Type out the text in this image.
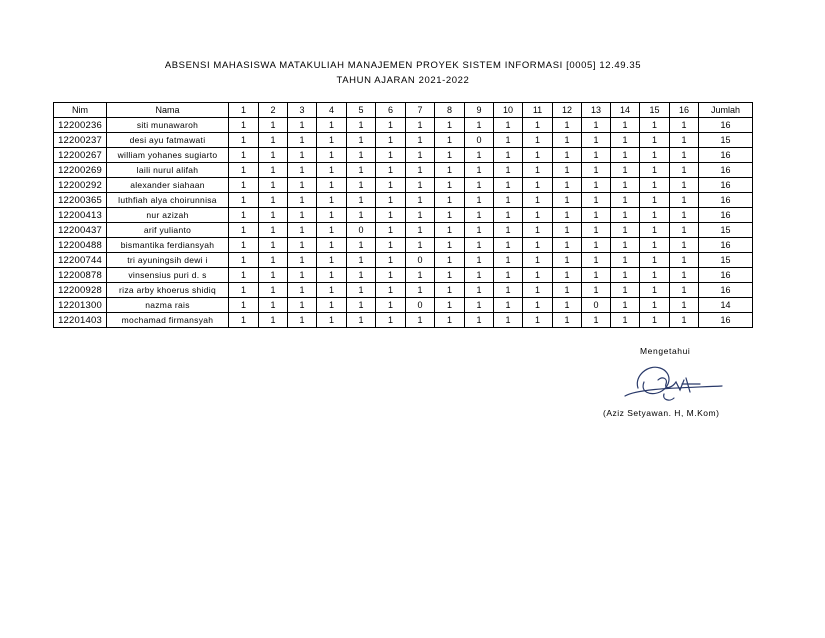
ABSENSI MAHASISWA MATAKULIAH MANAJEMEN PROYEK SISTEM INFORMASI [0005] 12.49.35
TAHUN AJARAN 2021-2022
Nim	Nama	1	2	3	4	5	6	7	8	9	10	11	12	13	14	15	16	Jumlah
12200236	siti munawaroh	1	1	1	1	1	1	1	1	1	1	1	1	1	1	1	1	16
12200237	desi ayu fatmawati	1	1	1	1	1	1	1	1	0	1	1	1	1	1	1	1	15
12200267	william yohanes sugiarto	1	1	1	1	1	1	1	1	1	1	1	1	1	1	1	1	16
12200269	laili nurul alifah	1	1	1	1	1	1	1	1	1	1	1	1	1	1	1	1	16
12200292	alexander siahaan	1	1	1	1	1	1	1	1	1	1	1	1	1	1	1	1	16
12200365	luthfiah alya choirunnisa	1	1	1	1	1	1	1	1	1	1	1	1	1	1	1	1	16
12200413	nur azizah	1	1	1	1	1	1	1	1	1	1	1	1	1	1	1	1	16
12200437	arif yulianto	1	1	1	1	0	1	1	1	1	1	1	1	1	1	1	1	15
12200488	bismantika ferdiansyah	1	1	1	1	1	1	1	1	1	1	1	1	1	1	1	1	16
12200744	tri ayuningsih dewi i	1	1	1	1	1	1	0	1	1	1	1	1	1	1	1	1	15
12200878	vinsensius puri d. s	1	1	1	1	1	1	1	1	1	1	1	1	1	1	1	1	16
12200928	riza arby khoerus shidiq	1	1	1	1	1	1	1	1	1	1	1	1	1	1	1	1	16
12201300	nazma rais	1	1	1	1	1	1	0	1	1	1	1	1	0	1	1	1	14
12201403	mochamad firmansyah	1	1	1	1	1	1	1	1	1	1	1	1	1	1	1	1	16
Mengetahui
(Aziz Setyawan. H, M.Kom)
